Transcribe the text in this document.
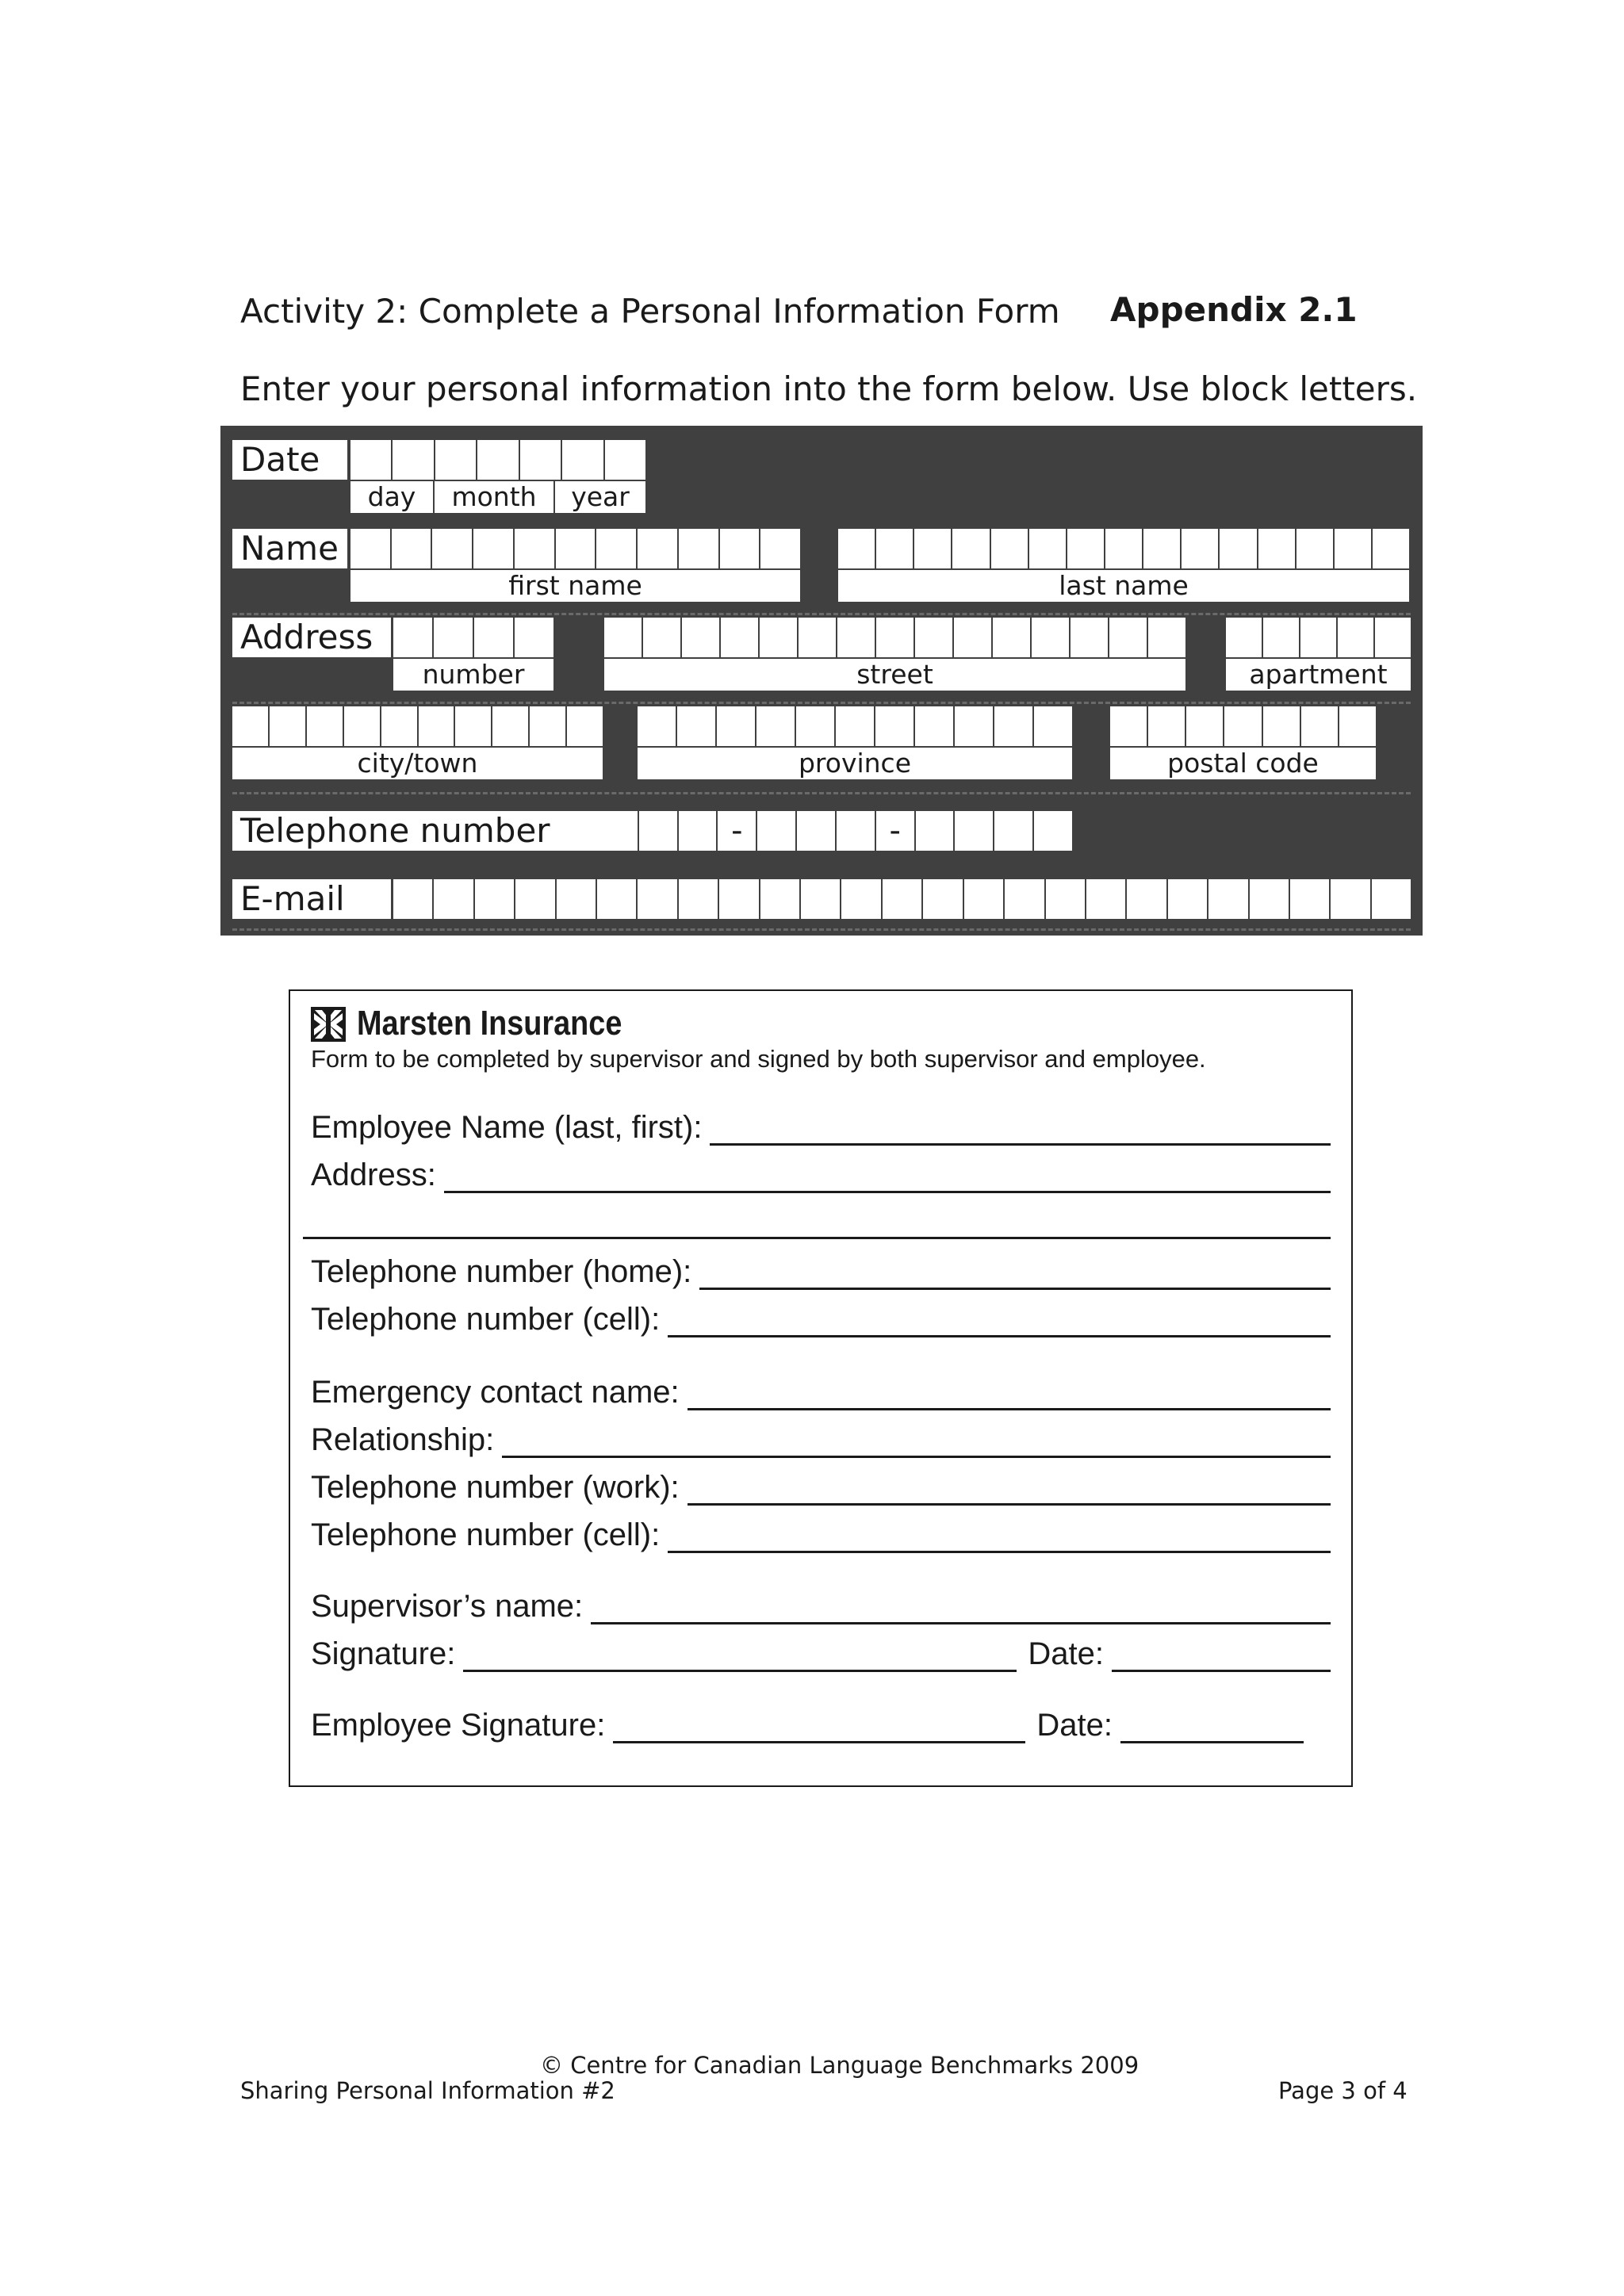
Activity 2: Complete a Personal Information Form Appendix 2.1
Enter your personal information into the form below. Use block letters.
Date
day	month	year
Name
first name	last name
Address
number	street	apartment
city/town	province	postal code
Telephone number	-	-
E-mail
Marsten Insurance
Form to be completed by supervisor and signed by both supervisor and employee.
Employee Name (last, first):
Address:
Telephone number (home):
Telephone number (cell):
Emergency contact name:
Relationship:
Telephone number (work):
Telephone number (cell):
Supervisor’s name:
Signature:	Date:
Employee Signature:	Date:
© Centre for Canadian Language Benchmarks 2009
Sharing Personal Information #2	Page 3 of 4
